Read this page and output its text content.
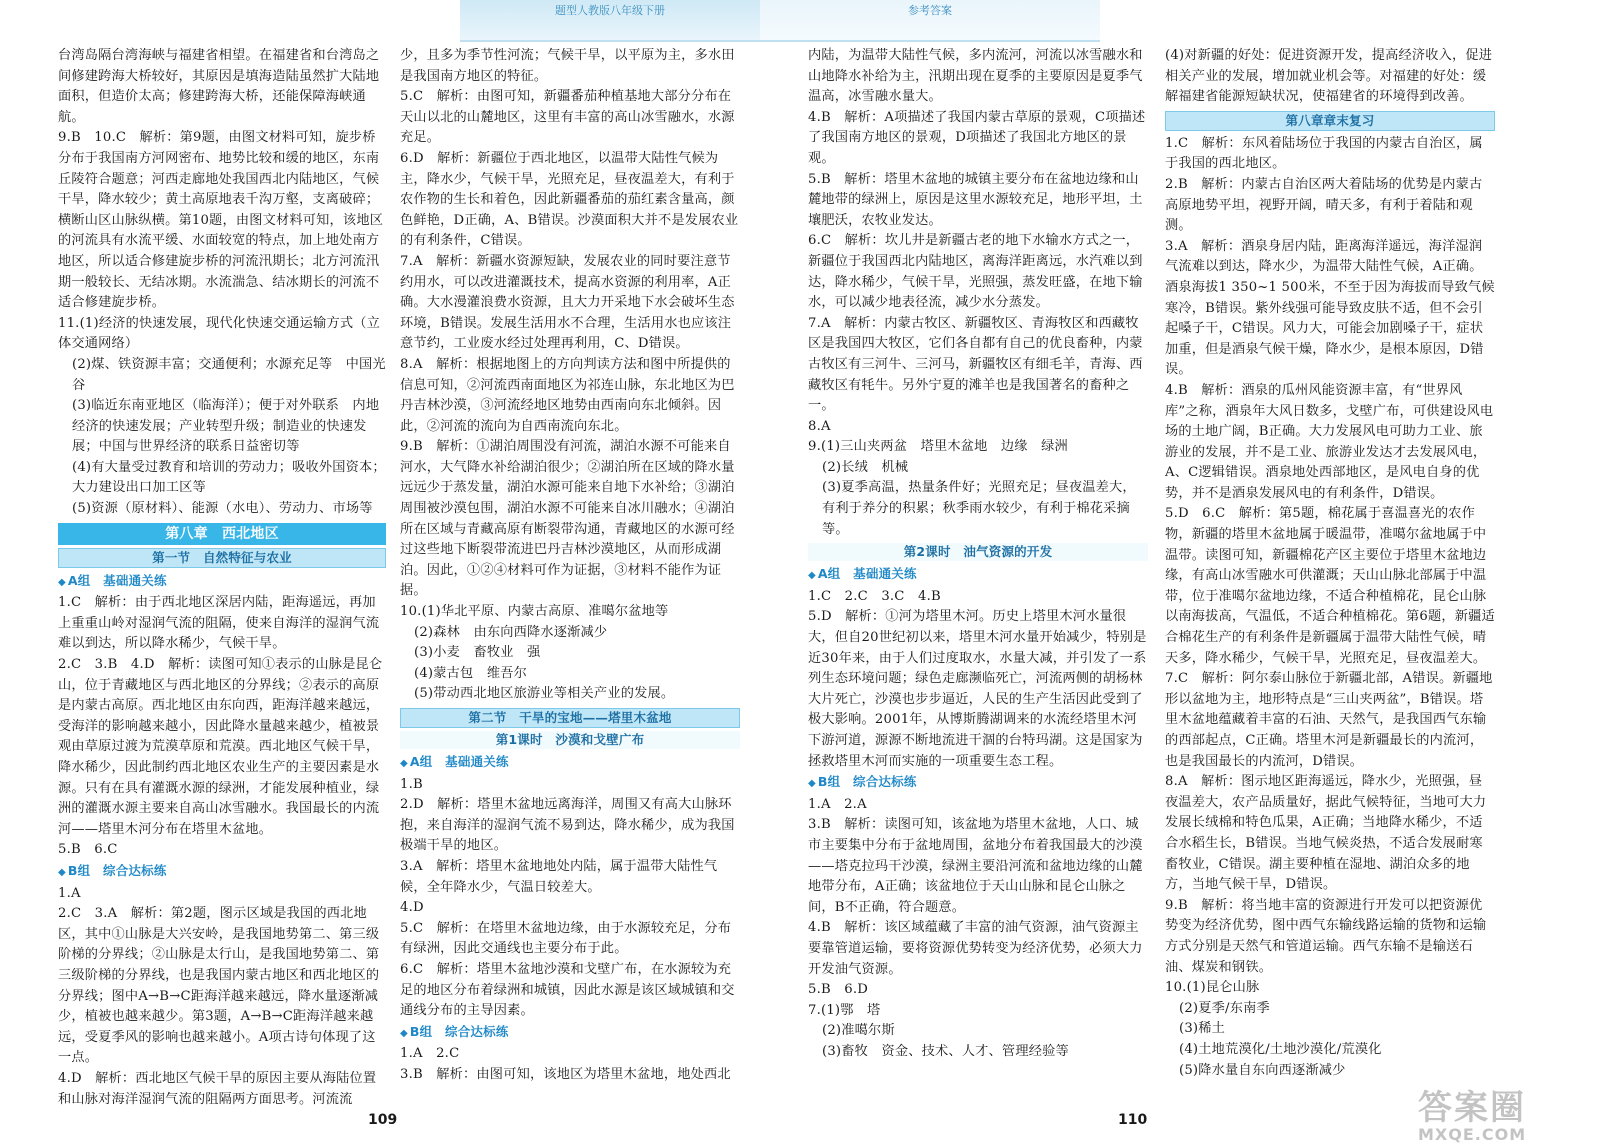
题型人教版八年级下册	参考答案

台湾岛隔台湾海峡与福建省相望。在福建省和台湾岛之间修建跨海大桥较好，其原因是填海造陆虽然扩大陆地面积，但造价太高；修建跨海大桥，还能保障海峡通航。

9.B　10.C　解析：第9题，由图文材料可知，旋步桥分布于我国南方河网密布、地势比较和缓的地区，东南丘陵符合题意；河西走廊地处我国西北内陆地区，气候干旱，降水较少；黄土高原地表千沟万壑，支离破碎；横断山区山脉纵横。第10题，由图文材料可知，该地区的河流具有水流平缓、水面较宽的特点，加上地处南方地区，所以适合修建旋步桥的河流汛期长；北方河流汛期一般较长、无结冰期。水流湍急、结冰期长的河流不适合修建旋步桥。

11.(1)经济的快速发展，现代化快速交通运输方式（立体交通网络）

(2)煤、铁资源丰富；交通便利；水源充足等　中国光谷

(3)临近东南亚地区（临海洋）；便于对外联系　内地经济的快速发展；产业转型升级；制造业的快速发展；中国与世界经济的联系日益密切等

(4)有大量受过教育和培训的劳动力；吸收外国资本；大力建设出口加工区等

(5)资源（原材料）、能源（水电）、劳动力、市场等

第八章　西北地区
第一节　自然特征与农业
◆ A组　基础通关练

1.C　解析：由于西北地区深居内陆，距海遥远，再加上重重山岭对湿润气流的阻隔，使来自海洋的湿润气流难以到达，所以降水稀少，气候干旱。

2.C　3.B　4.D　解析：读图可知①表示的山脉是昆仑山，位于青藏地区与西北地区的分界线；②表示的高原是内蒙古高原。西北地区由东向西，距海洋越来越远，受海洋的影响越来越小，因此降水量越来越少，植被景观由草原过渡为荒漠草原和荒漠。西北地区气候干旱，降水稀少，因此制约西北地区农业生产的主要因素是水源。只有在具有灌溉水源的绿洲，才能发展种植业，绿洲的灌溉水源主要来自高山冰雪融水。我国最长的内流河——塔里木河分布在塔里木盆地。

5.B　6.C

◆ B组　综合达标练

1.A

2.C　3.A　解析：第2题，图示区域是我国的西北地区，其中①山脉是大兴安岭，是我国地势第二、第三级阶梯的分界线；②山脉是太行山，是我国地势第二、第三级阶梯的分界线，也是我国内蒙古地区和西北地区的分界线；图中A→B→C距海洋越来越远，降水量逐渐减少，植被也越来越少。第3题，A→B→C距海洋越来越远，受夏季风的影响也越来越小。A项古诗句体现了这一点。

4.D　解析：西北地区气候干旱的原因主要从海陆位置和山脉对海洋湿润气流的阻隔两方面思考。河流流

少，且多为季节性河流；气候干旱，以平原为主，多水田是我国南方地区的特征。

5.C　解析：由图可知，新疆番茄种植基地大部分分布在天山以北的山麓地区，这里有丰富的高山冰雪融水，水源充足。

6.D　解析：新疆位于西北地区，以温带大陆性气候为主，降水少，气候干旱，光照充足，昼夜温差大，有利于农作物的生长和着色，因此新疆番茄的茄红素含量高，颜色鲜艳，D正确，A、B错误。沙漠面积大并不是发展农业的有利条件，C错误。

7.A　解析：新疆水资源短缺，发展农业的同时要注意节约用水，可以改进灌溉技术，提高水资源的利用率，A正确。大水漫灌浪费水资源，且大力开采地下水会破坏生态环境，B错误。发展生活用水不合理，生活用水也应该注意节约，工业废水经过处理再利用，C、D错误。

8.A　解析：根据地图上的方向判读方法和图中所提供的信息可知，②河流西南面地区为祁连山脉，东北地区为巴丹吉林沙漠，③河流经地区地势由西南向东北倾斜。因此，②河流的流向为自西南流向东北。

9.B　解析：①湖泊周围没有河流，湖泊水源不可能来自河水，大气降水补给湖泊很少；②湖泊所在区域的降水量远远少于蒸发量，湖泊水源可能来自地下水补给；③湖泊周围被沙漠包围，湖泊水源不可能来自冰川融水；④湖泊所在区域与青藏高原有断裂带沟通，青藏地区的水源可经过这些地下断裂带流进巴丹吉林沙漠地区，从而形成湖泊。因此，①②④材料可作为证据，③材料不能作为证据。

10.(1)华北平原、内蒙古高原、准噶尔盆地等

(2)森林　由东向西降水逐渐减少

(3)小麦　畜牧业　强

(4)蒙古包　维吾尔

(5)带动西北地区旅游业等相关产业的发展。

第二节　干旱的宝地——塔里木盆地
第1课时　沙漠和戈壁广布
◆ A组　基础通关练

1.B

2.D　解析：塔里木盆地远离海洋，周围又有高大山脉环抱，来自海洋的湿润气流不易到达，降水稀少，成为我国极端干旱的地区。

3.A　解析：塔里木盆地地处内陆，属于温带大陆性气候，全年降水少，气温日较差大。

4.D

5.C　解析：在塔里木盆地边缘，由于水源较充足，分布有绿洲，因此交通线也主要分布于此。

6.C　解析：塔里木盆地沙漠和戈壁广布，在水源较为充足的地区分布着绿洲和城镇，因此水源是该区域城镇和交通线分布的主导因素。

◆ B组　综合达标练

1.A　2.C

3.B　解析：由图可知，该地区为塔里木盆地，地处西北

内陆，为温带大陆性气候，多内流河，河流以冰雪融水和山地降水补给为主，汛期出现在夏季的主要原因是夏季气温高，冰雪融水量大。

4.B　解析：A项描述了我国内蒙古草原的景观，C项描述了我国南方地区的景观，D项描述了我国北方地区的景观。

5.B　解析：塔里木盆地的城镇主要分布在盆地边缘和山麓地带的绿洲上，原因是这里水源较充足，地形平坦，土壤肥沃，农牧业发达。

6.C　解析：坎儿井是新疆古老的地下水输水方式之一，新疆位于我国西北内陆地区，离海洋距离远，水汽难以到达，降水稀少，气候干旱，光照强，蒸发旺盛，在地下输水，可以减少地表径流，减少水分蒸发。

7.A　解析：内蒙古牧区、新疆牧区、青海牧区和西藏牧区是我国四大牧区，它们各自都有自己的优良畜种，内蒙古牧区有三河牛、三河马，新疆牧区有细毛羊，青海、西藏牧区有牦牛。另外宁夏的滩羊也是我国著名的畜种之一。

8.A

9.(1)三山夹两盆　塔里木盆地　边缘　绿洲

(2)长绒　机械

(3)夏季高温，热量条件好；光照充足；昼夜温差大，有利于养分的积累；秋季雨水较少，有利于棉花采摘等。

第2课时　油气资源的开发
◆ A组　基础通关练

1.C　2.C　3.C　4.B

5.D　解析：①河为塔里木河。历史上塔里木河水量很大，但自20世纪初以来，塔里木河水量开始减少，特别是近30年来，由于人们过度取水，水量大减，并引发了一系列生态环境问题；绿色走廊濒临死亡，河流两侧的胡杨林大片死亡，沙漠也步步逼近，人民的生产生活因此受到了极大影响。2001年，从博斯腾湖调来的水流经塔里木河下游河道，源源不断地流进干涸的台特玛湖。这是国家为拯救塔里木河而实施的一项重要生态工程。

◆ B组　综合达标练

1.A　2.A

3.B　解析：读图可知，该盆地为塔里木盆地，人口、城市主要集中分布于盆地周围，盆地分布着我国最大的沙漠——塔克拉玛干沙漠，绿洲主要沿河流和盆地边缘的山麓地带分布，A正确；该盆地位于天山山脉和昆仑山脉之间，B不正确，符合题意。

4.B　解析：该区域蕴藏了丰富的油气资源，油气资源主要靠管道运输，要将资源优势转变为经济优势，必须大力开发油气资源。

5.B　6.D

7.(1)鄂　塔

(2)准噶尔斯

(3)畜牧　资金、技术、人才、管理经验等

(4)对新疆的好处：促进资源开发，提高经济收入，促进相关产业的发展，增加就业机会等。对福建的好处：缓解福建省能源短缺状况，使福建省的环境得到改善。

第八章章末复习

1.C　解析：东风着陆场位于我国的内蒙古自治区，属于我国的西北地区。

2.B　解析：内蒙古自治区两大着陆场的优势是内蒙古高原地势平坦，视野开阔，晴天多，有利于着陆和观测。

3.A　解析：酒泉身居内陆，距离海洋遥远，海洋湿润气流难以到达，降水少，为温带大陆性气候，A正确。酒泉海拔1 350~1 500米，不至于因为海拔而导致气候寒冷，B错误。紫外线强可能导致皮肤不适，但不会引起嗓子干，C错误。风力大，可能会加剧嗓子干，症状加重，但是酒泉气候干燥，降水少，是根本原因，D错误。

4.B　解析：酒泉的瓜州风能资源丰富，有“世界风库”之称，酒泉年大风日数多，戈壁广布，可供建设风电场的土地广阔，B正确。大力发展风电可助力工业、旅游业的发展，并不是工业、旅游业发达才去发展风电，A、C逻辑错误。酒泉地处西部地区，是风电自身的优势，并不是酒泉发展风电的有利条件，D错误。

5.D　6.C　解析：第5题，棉花属于喜温喜光的农作物，新疆的塔里木盆地属于暖温带，准噶尔盆地属于中温带。读图可知，新疆棉花产区主要位于塔里木盆地边缘，有高山冰雪融水可供灌溉；天山山脉北部属于中温带，位于准噶尔盆地边缘，不适合种植棉花，昆仑山脉以南海拔高，气温低，不适合种植棉花。第6题，新疆适合棉花生产的有利条件是新疆属于温带大陆性气候，晴天多，降水稀少，气候干旱，光照充足，昼夜温差大。

7.C　解析：阿尔泰山脉位于新疆北部，A错误。新疆地形以盆地为主，地形特点是“三山夹两盆”，B错误。塔里木盆地蕴藏着丰富的石油、天然气，是我国西气东输的西部起点，C正确。塔里木河是新疆最长的内流河，也是我国最长的内流河，D错误。

8.A　解析：图示地区距海遥远，降水少，光照强，昼夜温差大，农产品质量好，据此气候特征，当地可大力发展长绒棉和特色瓜果，A正确；当地降水稀少，不适合水稻生长，B错误。当地气候炎热，不适合发展耐寒畜牧业，C错误。湖主要种植在湿地、湖泊众多的地方，当地气候干旱，D错误。

9.B　解析：将当地丰富的资源进行开发可以把资源优势变为经济优势，图中西气东输线路运输的货物和运输方式分别是天然气和管道运输。西气东输不是输送石油、煤炭和钢铁。

10.(1)昆仑山脉

(2)夏季/东南季

(3)稀土

(4)土地荒漠化/土地沙漠化/荒漠化

(5)降水量自东向西逐渐减少

109	110	答案圈
MXQE.COM
